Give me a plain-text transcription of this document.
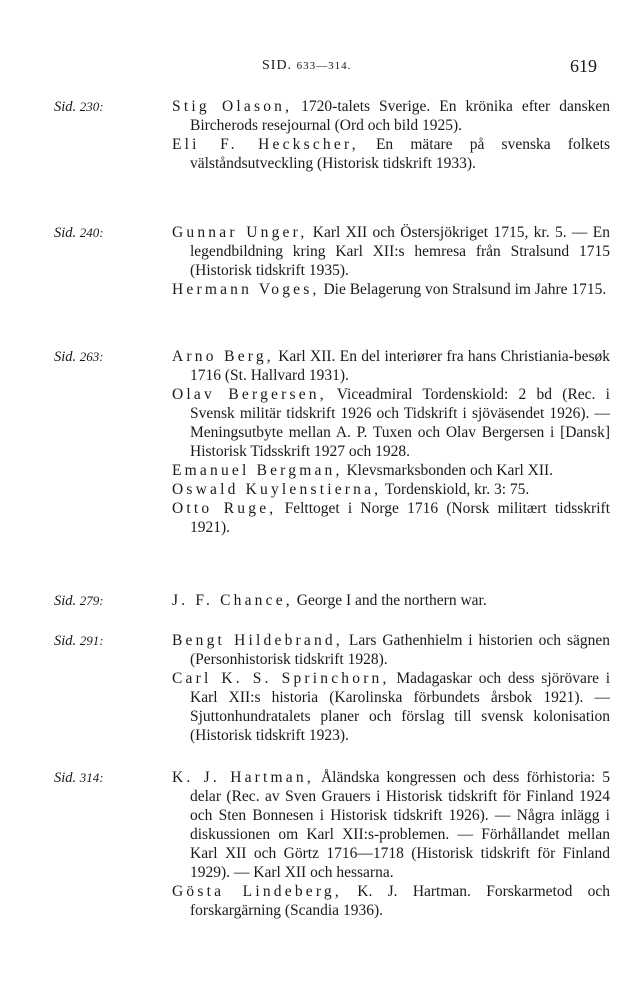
SID. 633—314.	619
Sid. 230:	Stig Olason, 1720-talets Sverige. En krönika efter dansken Bircherods resejournal (Ord och bild 1925).

Eli F. Heckscher, En mätare på svenska folkets välståndsutveckling (Historisk tidskrift 1933).

Sid. 240:	Gunnar Unger, Karl XII och Östersjökriget 1715, kr. 5. — En legendbildning kring Karl XII:s hemresa från Stralsund 1715 (Historisk tidskrift 1935).

Hermann Voges, Die Belagerung von Stralsund im Jahre 1715.

Sid. 263:	Arno Berg, Karl XII. En del interiører fra hans Christiania-besøk 1716 (St. Hallvard 1931).

Olav Bergersen, Viceadmiral Tordenskiold: 2 bd (Rec. i Svensk militär tidskrift 1926 och Tidskrift i sjöväsendet 1926). — Meningsutbyte mellan A. P. Tuxen och Olav Bergersen i [Dansk] Historisk Tidsskrift 1927 och 1928.

Emanuel Bergman, Klevsmarksbonden och Karl XII.

Oswald Kuylenstierna, Tordenskiold, kr. 3: 75.

Otto Ruge, Felttoget i Norge 1716 (Norsk militært tidsskrift 1921).

Sid. 279:	J. F. Chance, George I and the northern war.

Sid. 291:	Bengt Hildebrand, Lars Gathenhielm i historien och sägnen (Personhistorisk tidskrift 1928).

Carl K. S. Sprinchorn, Madagaskar och dess sjörövare i Karl XII:s historia (Karolinska förbundets årsbok 1921). — Sjuttonhundratalets planer och förslag till svensk kolonisation (Historisk tidskrift 1923).

Sid. 314:	K. J. Hartman, Åländska kongressen och dess förhistoria: 5 delar (Rec. av Sven Grauers i Historisk tidskrift för Finland 1924 och Sten Bonnesen i Historisk tidskrift 1926). — Några inlägg i diskussionen om Karl XII:s-problemen. — Förhållandet mellan Karl XII och Görtz 1716—1718 (Historisk tidskrift för Finland 1929). — Karl XII och hessarna.

Gösta Lindeberg, K. J. Hartman. Forskarmetod och forskargärning (Scandia 1936).
